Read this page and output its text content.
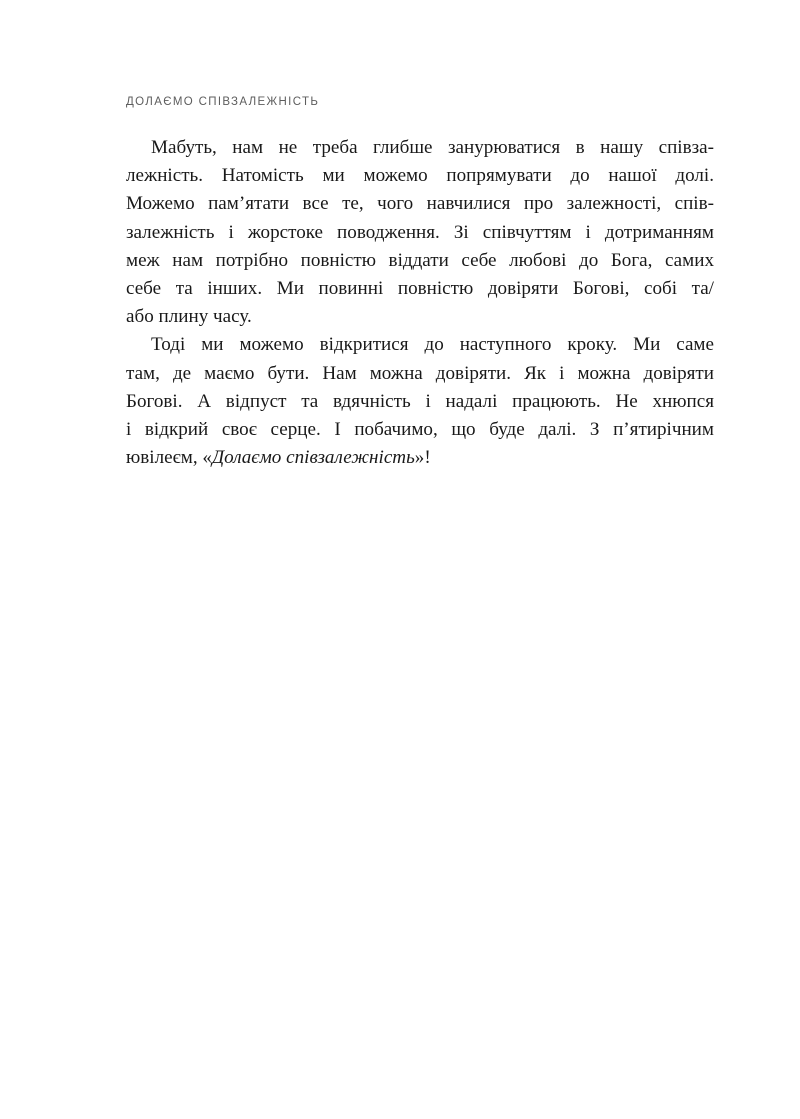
ДОЛАЄМО СПІВЗАЛЕЖНІСТЬ

Мабуть, нам не треба глибше занурюватися в нашу співза-
лежність. Натомість ми можемо попрямувати до нашої долі.
Можемо пам’ятати все те, чого навчилися про залежності, спів-
залежність і жорстоке поводження. Зі співчуттям і дотриманням
меж нам потрібно повністю віддати себе любові до Бога, самих
себе та інших. Ми повинні повністю довіряти Богові, собі та/
або плину часу.

Тоді ми можемо відкритися до наступного кроку. Ми саме
там, де маємо бути. Нам можна довіряти. Як і можна довіряти
Богові. А відпуст та вдячність і надалі працюють. Не хнюпся
і відкрий своє серце. І побачимо, що буде далі. З п’ятирічним
ювілеєм, «Долаємо співзалежність»!
